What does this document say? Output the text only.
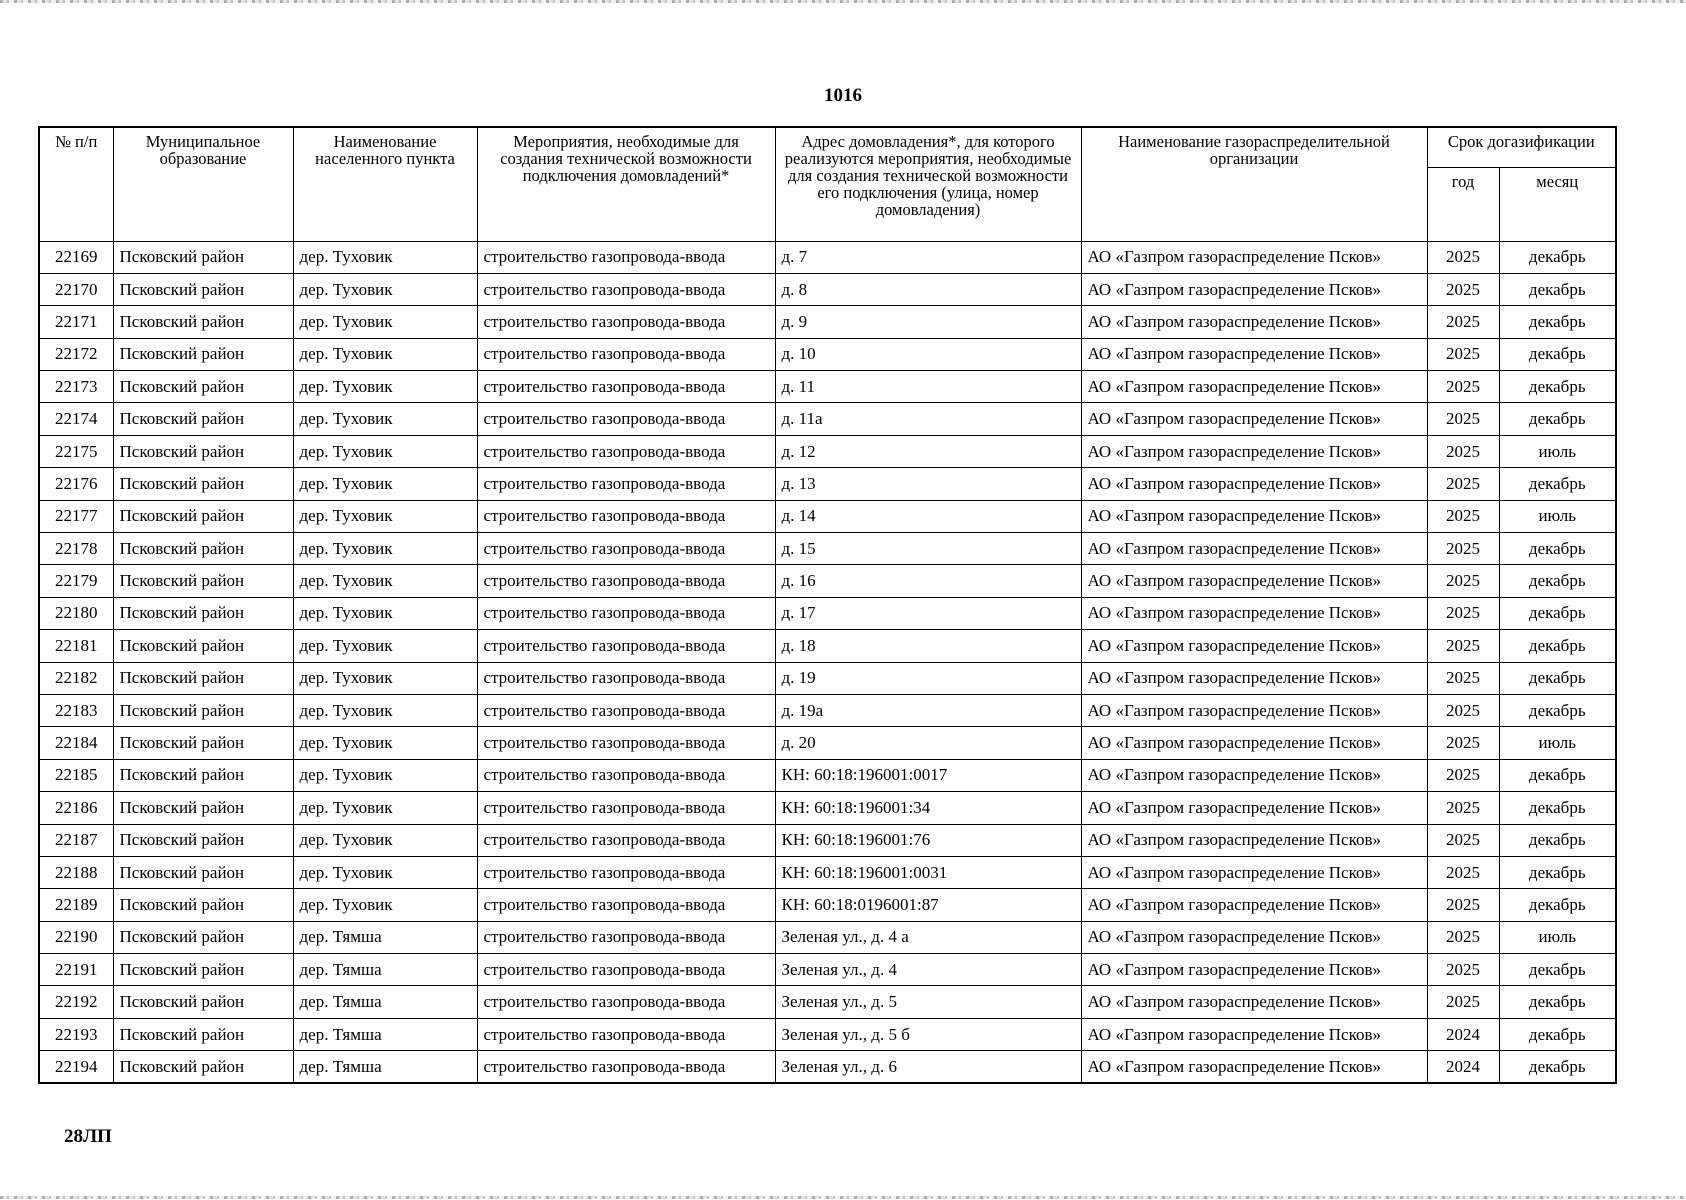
1016
№ п/п	Муниципальное образование	Наименование населенного пункта	Мероприятия, необходимые для создания технической возможности подключения домовладений*	Адрес домовладения*, для которого реализуются мероприятия, необходимые для создания технической возможности его подключения (улица, номер домовладения)	Наименование газораспределительной организации	Срок догазификации	
						год	месяц
22169	Псковский район	дер. Туховик	строительство газопровода-ввода	д. 7	АО «Газпром газораспределение Псков»	2025	декабрь
22170	Псковский район	дер. Туховик	строительство газопровода-ввода	д. 8	АО «Газпром газораспределение Псков»	2025	декабрь
22171	Псковский район	дер. Туховик	строительство газопровода-ввода	д. 9	АО «Газпром газораспределение Псков»	2025	декабрь
22172	Псковский район	дер. Туховик	строительство газопровода-ввода	д. 10	АО «Газпром газораспределение Псков»	2025	декабрь
22173	Псковский район	дер. Туховик	строительство газопровода-ввода	д. 11	АО «Газпром газораспределение Псков»	2025	декабрь
22174	Псковский район	дер. Туховик	строительство газопровода-ввода	д. 11а	АО «Газпром газораспределение Псков»	2025	декабрь
22175	Псковский район	дер. Туховик	строительство газопровода-ввода	д. 12	АО «Газпром газораспределение Псков»	2025	июль
22176	Псковский район	дер. Туховик	строительство газопровода-ввода	д. 13	АО «Газпром газораспределение Псков»	2025	декабрь
22177	Псковский район	дер. Туховик	строительство газопровода-ввода	д. 14	АО «Газпром газораспределение Псков»	2025	июль
22178	Псковский район	дер. Туховик	строительство газопровода-ввода	д. 15	АО «Газпром газораспределение Псков»	2025	декабрь
22179	Псковский район	дер. Туховик	строительство газопровода-ввода	д. 16	АО «Газпром газораспределение Псков»	2025	декабрь
22180	Псковский район	дер. Туховик	строительство газопровода-ввода	д. 17	АО «Газпром газораспределение Псков»	2025	декабрь
22181	Псковский район	дер. Туховик	строительство газопровода-ввода	д. 18	АО «Газпром газораспределение Псков»	2025	декабрь
22182	Псковский район	дер. Туховик	строительство газопровода-ввода	д. 19	АО «Газпром газораспределение Псков»	2025	декабрь
22183	Псковский район	дер. Туховик	строительство газопровода-ввода	д. 19а	АО «Газпром газораспределение Псков»	2025	декабрь
22184	Псковский район	дер. Туховик	строительство газопровода-ввода	д. 20	АО «Газпром газораспределение Псков»	2025	июль
22185	Псковский район	дер. Туховик	строительство газопровода-ввода	КН: 60:18:196001:0017	АО «Газпром газораспределение Псков»	2025	декабрь
22186	Псковский район	дер. Туховик	строительство газопровода-ввода	КН: 60:18:196001:34	АО «Газпром газораспределение Псков»	2025	декабрь
22187	Псковский район	дер. Туховик	строительство газопровода-ввода	КН: 60:18:196001:76	АО «Газпром газораспределение Псков»	2025	декабрь
22188	Псковский район	дер. Туховик	строительство газопровода-ввода	КН: 60:18:196001:0031	АО «Газпром газораспределение Псков»	2025	декабрь
22189	Псковский район	дер. Туховик	строительство газопровода-ввода	КН: 60:18:0196001:87	АО «Газпром газораспределение Псков»	2025	декабрь
22190	Псковский район	дер. Тямша	строительство газопровода-ввода	Зеленая ул., д. 4 а	АО «Газпром газораспределение Псков»	2025	июль
22191	Псковский район	дер. Тямша	строительство газопровода-ввода	Зеленая ул., д. 4	АО «Газпром газораспределение Псков»	2025	декабрь
22192	Псковский район	дер. Тямша	строительство газопровода-ввода	Зеленая ул., д. 5	АО «Газпром газораспределение Псков»	2025	декабрь
22193	Псковский район	дер. Тямша	строительство газопровода-ввода	Зеленая ул., д. 5 б	АО «Газпром газораспределение Псков»	2024	декабрь
22194	Псковский район	дер. Тямша	строительство газопровода-ввода	Зеленая ул., д. 6	АО «Газпром газораспределение Псков»	2024	декабрь
28ЛП
